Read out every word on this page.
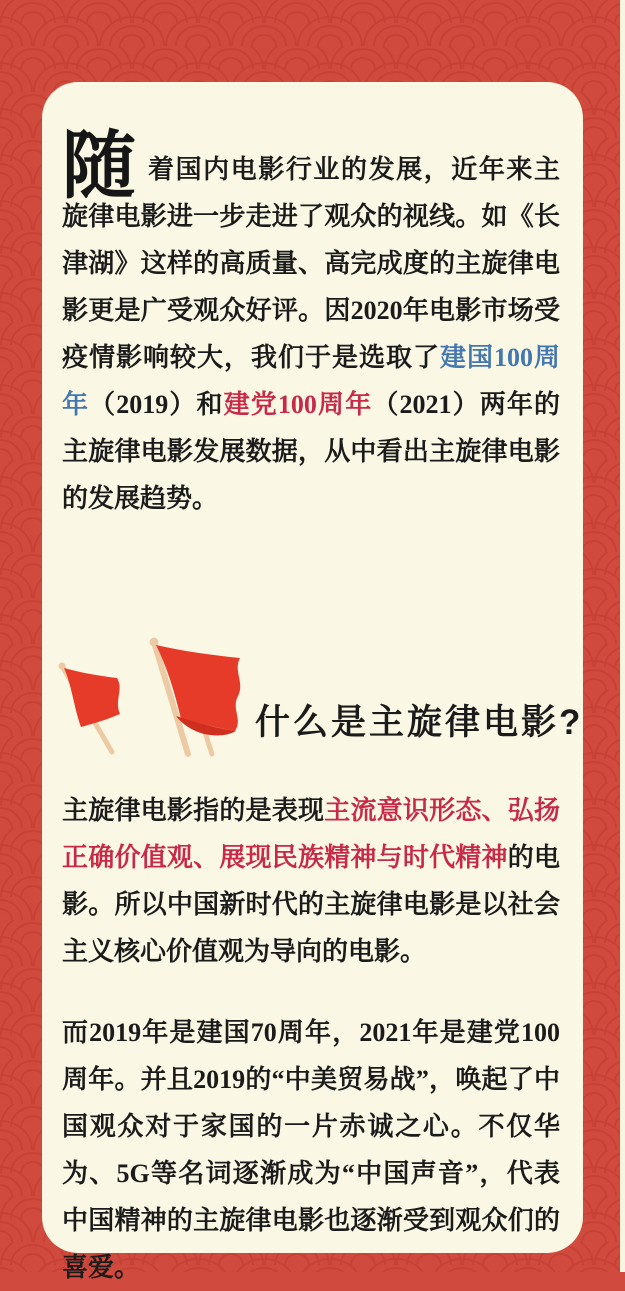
随着国内电影行业的发展，近年来主旋律电影进一步走进了观众的视线。如《长津湖》这样的高质量、高完成度的主旋律电影更是广受观众好评。因2020年电影市场受疫情影响较大，我们于是选取了建国100周年（2019）和建党100周年（2021）两年的主旋律电影发展数据，从中看出主旋律电影的发展趋势。

什么是主旋律电影?

主旋律电影指的是表现主流意识形态、弘扬正确价值观、展现民族精神与时代精神的电影。所以中国新时代的主旋律电影是以社会主义核心价值观为导向的电影。

而2019年是建国70周年，2021年是建党100周年。并且2019的“中美贸易战”，唤起了中国观众对于家国的一片赤诚之心。不仅华为、5G等名词逐渐成为“中国声音”，代表中国精神的主旋律电影也逐渐受到观众们的喜爱。
